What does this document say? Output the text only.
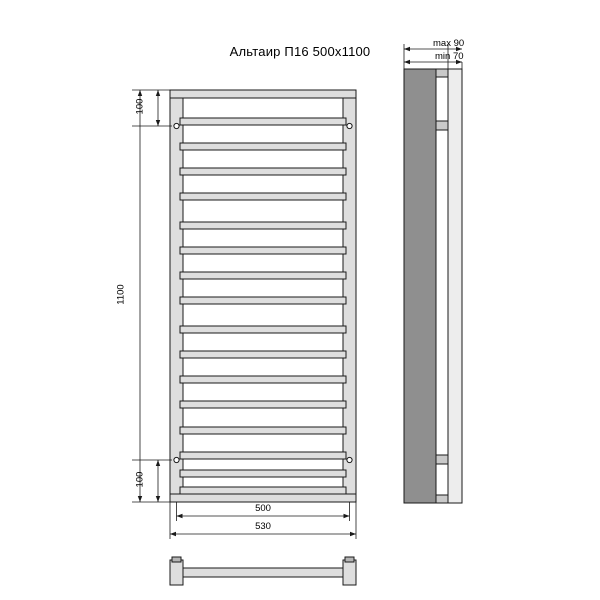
Альтаир П16 500х1100
100
1100
100
500
530
max 90
min 70
